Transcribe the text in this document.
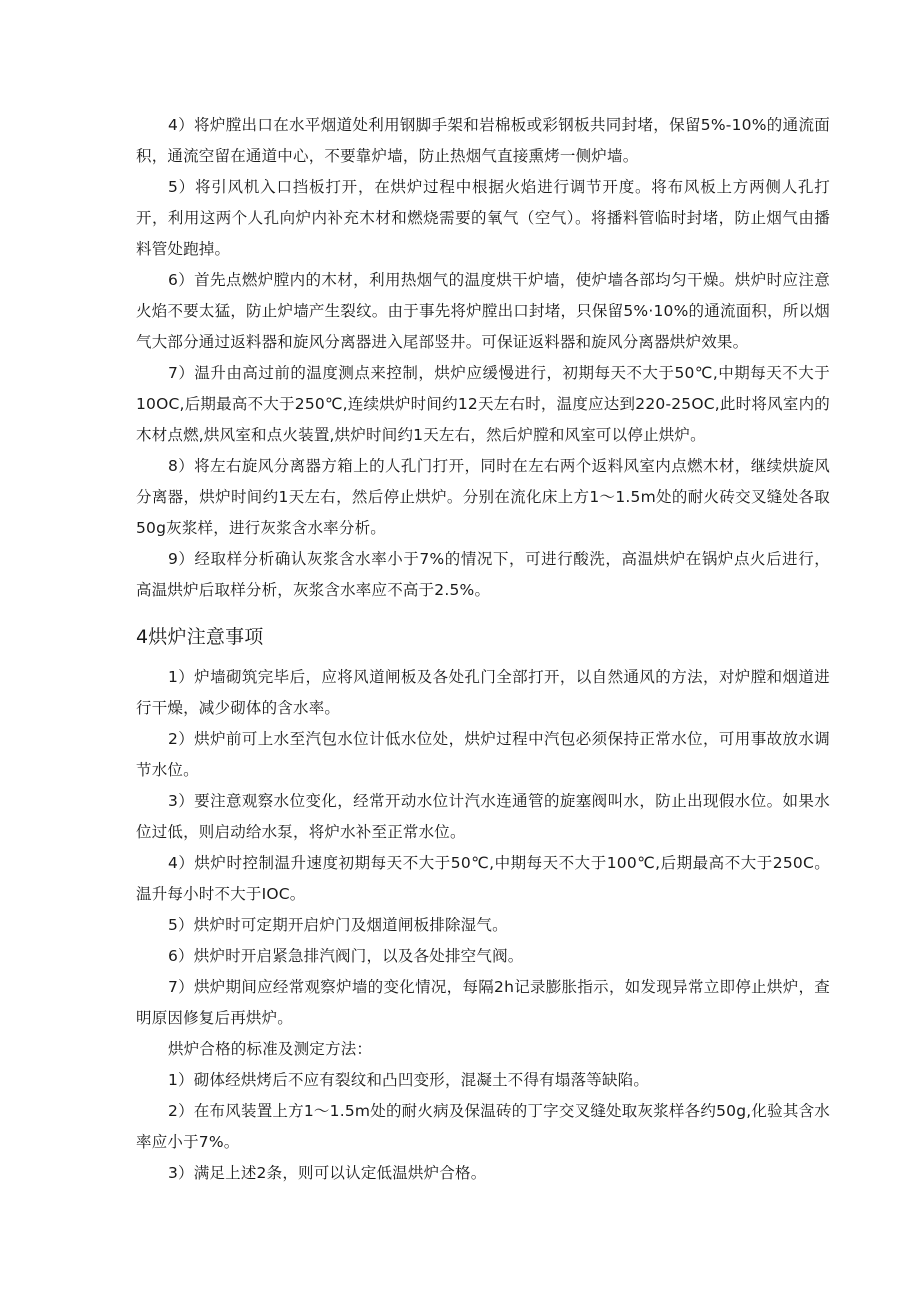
4）将炉膛出口在水平烟道处利用钢脚手架和岩棉板或彩钢板共同封堵，保留5%-10%的通流面积，通流空留在通道中心，不要靠炉墙，防止热烟气直接熏烤一侧炉墙。

5）将引风机入口挡板打开，在烘炉过程中根据火焰进行调节开度。将布风板上方两侧人孔打开，利用这两个人孔向炉内补充木材和燃烧需要的氧气（空气）。将播料管临时封堵，防止烟气由播料管处跑掉。

6）首先点燃炉膛内的木材，利用热烟气的温度烘干炉墙，使炉墙各部均匀干燥。烘炉时应注意火焰不要太猛，防止炉墙产生裂纹。由于事先将炉膛出口封堵，只保留5%·10%的通流面积，所以烟气大部分通过返料器和旋风分离器进入尾部竖井。可保证返料器和旋风分离器烘炉效果。

7）温升由高过前的温度测点来控制，烘炉应缓慢进行，初期每天不大于50℃,中期每天不大于10OC,后期最高不大于250℃,连续烘炉时间约12天左右时，温度应达到220-25OC,此时将风室内的木材点燃,烘风室和点火装置,烘炉时间约1天左右，然后炉膛和风室可以停止烘炉。

8）将左右旋风分离器方箱上的人孔门打开，同时在左右两个返料风室内点燃木材，继续烘旋风分离器，烘炉时间约1天左右，然后停止烘炉。分别在流化床上方1～1.5m处的耐火砖交叉缝处各取50g灰浆样，进行灰浆含水率分析。

9）经取样分析确认灰浆含水率小于7%的情况下，可进行酸洗，高温烘炉在锅炉点火后进行，高温烘炉后取样分析，灰浆含水率应不高于2.5%。

4烘炉注意事项

1）炉墙砌筑完毕后，应将风道闸板及各处孔门全部打开，以自然通风的方法，对炉膛和烟道进行干燥，减少砌体的含水率。

2）烘炉前可上水至汽包水位计低水位处，烘炉过程中汽包必须保持正常水位，可用事故放水调节水位。

3）要注意观察水位变化，经常开动水位计汽水连通管的旋塞阀叫水，防止出现假水位。如果水位过低，则启动给水泵，将炉水补至正常水位。

4）烘炉时控制温升速度初期每天不大于50℃,中期每天不大于100℃,后期最高不大于250C。温升每小时不大于IOC。

5）烘炉时可定期开启炉门及烟道闸板排除湿气。

6）烘炉时开启紧急排汽阀门，以及各处排空气阀。

7）烘炉期间应经常观察炉墙的变化情况，每隔2h记录膨胀指示，如发现异常立即停止烘炉，查明原因修复后再烘炉。

烘炉合格的标准及测定方法：

1）砌体经烘烤后不应有裂纹和凸凹变形，混凝土不得有塌落等缺陷。

2）在布风装置上方1～1.5m处的耐火病及保温砖的丁字交叉缝处取灰浆样各约50g,化验其含水率应小于7%。

3）满足上述2条，则可以认定低温烘炉合格。
